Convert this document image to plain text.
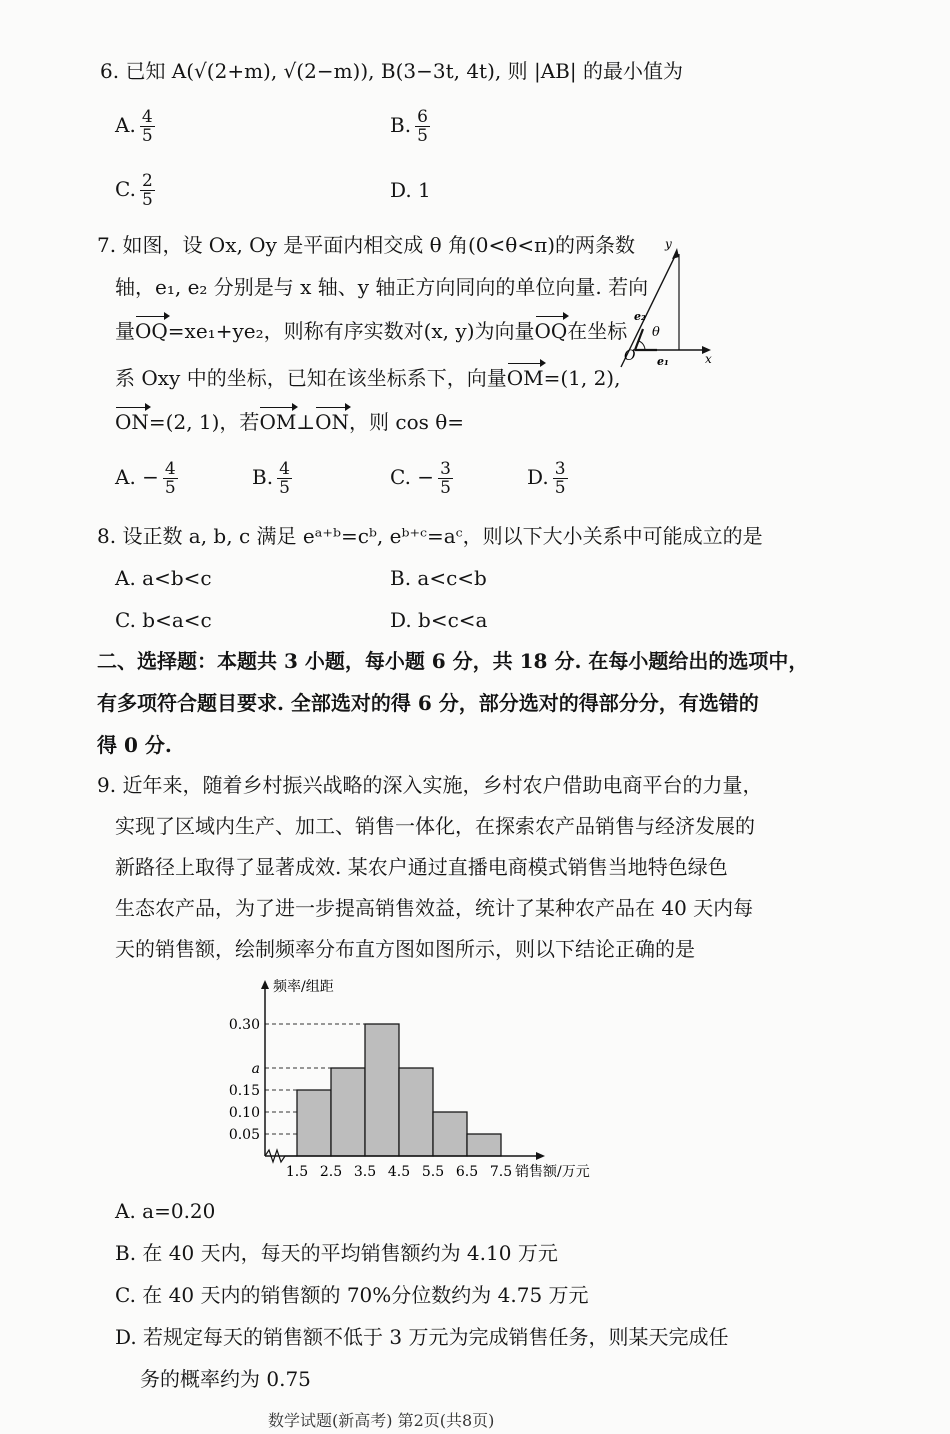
6. 已知 A(√(2+m), √(2−m)), B(3−3t, 4t), 则 |AB| 的最小值为
A. $\frac{4}{5}$	B. $\frac{6}{5}$
C. $\frac{2}{5}$	D. 1
7. 如图，设 Ox, Oy 是平面内相交成 θ 角(0<θ<π)的两条数
轴，e₁, e₂ 分别是与 x 轴、y 轴正方向同向的单位向量. 若向
量OQ=xe₁+ye₂，则称有序实数对(x, y)为向量OQ在坐标
系 Oxy 中的坐标，已知在该坐标系下，向量OM=(1, 2),
ON=(2, 1)，若OM⊥ON，则 cos θ=
y
x
O e₁
e₂
θ
A. − $\frac{4}{5}$	B. $\frac{4}{5}$	C. − $\frac{3}{5}$	D. $\frac{3}{5}$
8. 设正数 a, b, c 满足 eᵃ⁺ᵇ=cᵇ, eᵇ⁺ᶜ=aᶜ，则以下大小关系中可能成立的是
A. a<b<c	B. a<c<b
C. b<a<c	D. b<c<a
二、选择题：本题共 3 小题，每小题 6 分，共 18 分. 在每小题给出的选项中，
有多项符合题目要求. 全部选对的得 6 分，部分选对的得部分分，有选错的
得 0 分.
9. 近年来，随着乡村振兴战略的深入实施，乡村农户借助电商平台的力量，
实现了区域内生产、加工、销售一体化，在探索农产品销售与经济发展的
新路径上取得了显著成效. 某农户通过直播电商模式销售当地特色绿色
生态农产品，为了进一步提高销售效益，统计了某种农产品在 40 天内每
天的销售额，绘制频率分布直方图如图所示，则以下结论正确的是
频率/组距
销售额/万元
0.30
a
0.15
0.10
0.05
1.5 2.5 3.5 4.5 5.5 6.5 7.5
A. a=0.20
B. 在 40 天内，每天的平均销售额约为 4.10 万元
C. 在 40 天内的销售额的 70%分位数约为 4.75 万元
D. 若规定每天的销售额不低于 3 万元为完成销售任务，则某天完成任
务的概率约为 0.75
数学试题(新高考) 第2页(共8页)
